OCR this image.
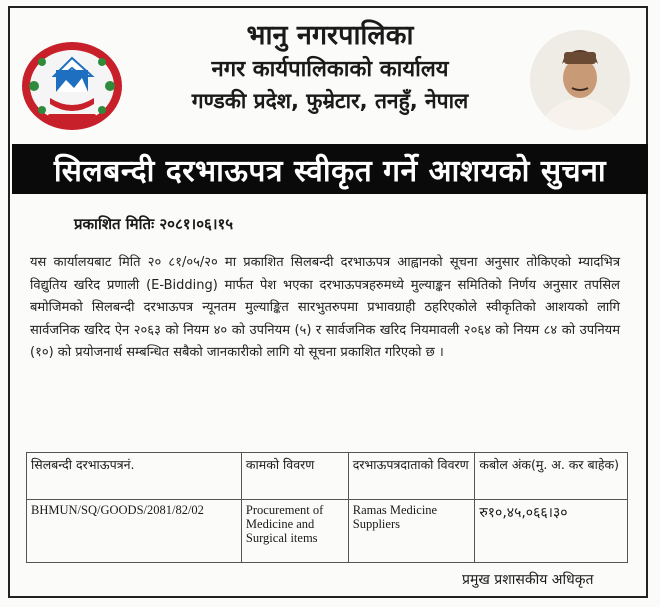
भानु नगरपालिका
नगर कार्यपालिकाको कार्यालय
गण्डकी प्रदेश, फुम्रेटार, तनहुँ, नेपाल
सिलबन्दी दरभाऊपत्र स्वीकृत गर्ने आशयको सुचना
प्रकाशित मितिः २०८१।०६।१५
यस कार्यालयबाट मिति २० ८१/०५/२० मा प्रकाशित सिलबन्दी दरभाऊपत्र आह्वानको सूचना अनुसार तोकिएको म्यादभित्र विद्युतिय खरिद प्रणाली (E-Bidding) मार्फत पेश भएका दरभाऊपत्रहरुमध्ये मुल्याङ्कन समितिको निर्णय अनुसार तपसिल बमोजिमको सिलबन्दी दरभाऊपत्र न्यूनतम मुल्याङ्कित सारभुतरुपमा प्रभावग्राही ठहरिएकोले स्वीकृतिको आशयको लागि सार्वजनिक खरिद ऐन २०६३ को नियम ४० को उपनियम (५) र सार्वजनिक खरिद नियमावली २०६४ को नियम ८४ को उपनियम (१०) को प्रयोजनार्थ सम्बन्धित सबैको जानकारीको लागि यो सूचना प्रकाशित गरिएको छ ।
सिलबन्दी दरभाऊपत्रनं.	कामको विवरण	दरभाऊपत्रदाताको विवरण	कबोल अंक(मु. अ. कर बाहेक)
BHMUN/SQ/GOODS/2081/82/02	Procurement of Medicine and Surgical items	Ramas Medicine Suppliers	रु१०,४५,०६६।३०
प्रमुख प्रशासकीय अधिकृत
